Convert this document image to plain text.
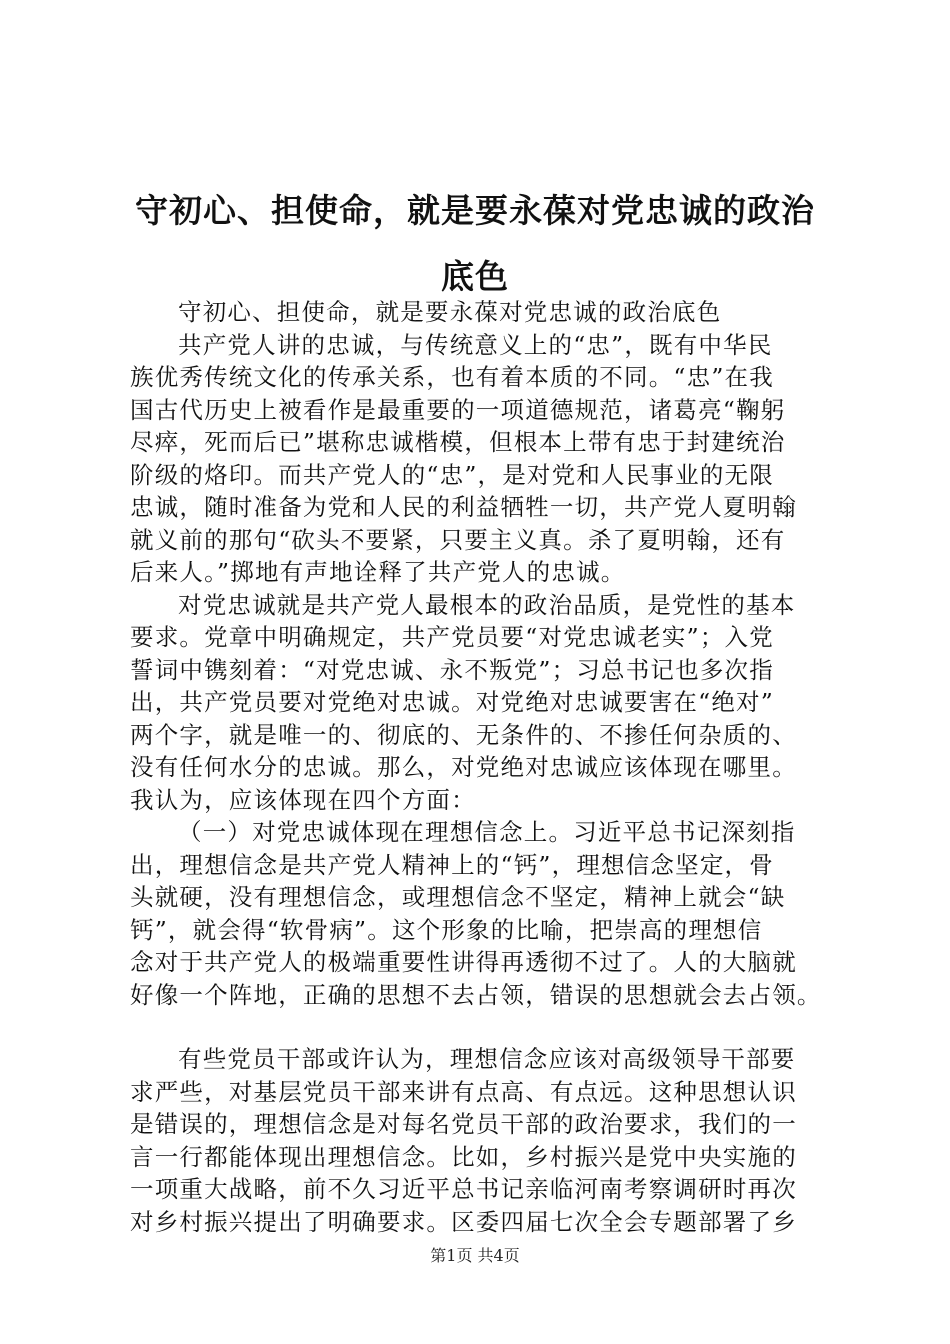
守初心、担使命，就是要永葆对党忠诚的政治
底色
守初心、担使命，就是要永葆对党忠诚的政治底色
共产党人讲的忠诚，与传统意义上的“忠”，既有中华民
族优秀传统文化的传承关系，也有着本质的不同。“忠”在我
国古代历史上被看作是最重要的一项道德规范，诸葛亮“鞠躬
尽瘁，死而后已”堪称忠诚楷模，但根本上带有忠于封建统治
阶级的烙印。而共产党人的“忠”，是对党和人民事业的无限
忠诚，随时准备为党和人民的利益牺牲一切，共产党人夏明翰
就义前的那句“砍头不要紧，只要主义真。杀了夏明翰，还有
后来人。”掷地有声地诠释了共产党人的忠诚。
对党忠诚就是共产党人最根本的政治品质，是党性的基本
要求。党章中明确规定，共产党员要“对党忠诚老实”；入党
誓词中镌刻着：“对党忠诚、永不叛党”；习总书记也多次指
出，共产党员要对党绝对忠诚。对党绝对忠诚要害在“绝对”
两个字，就是唯一的、彻底的、无条件的、不掺任何杂质的、
没有任何水分的忠诚。那么，对党绝对忠诚应该体现在哪里。
我认为，应该体现在四个方面：
（一）对党忠诚体现在理想信念上。习近平总书记深刻指
出，理想信念是共产党人精神上的“钙”，理想信念坚定，骨
头就硬，没有理想信念，或理想信念不坚定，精神上就会“缺
钙”，就会得“软骨病”。这个形象的比喻，把崇高的理想信
念对于共产党人的极端重要性讲得再透彻不过了。人的大脑就
好像一个阵地，正确的思想不去占领，错误的思想就会去占领。
有些党员干部或许认为，理想信念应该对高级领导干部要
求严些，对基层党员干部来讲有点高、有点远。这种思想认识
是错误的，理想信念是对每名党员干部的政治要求，我们的一
言一行都能体现出理想信念。比如，乡村振兴是党中央实施的
一项重大战略，前不久习近平总书记亲临河南考察调研时再次
对乡村振兴提出了明确要求。区委四届七次全会专题部署了乡
第1页 共4页
